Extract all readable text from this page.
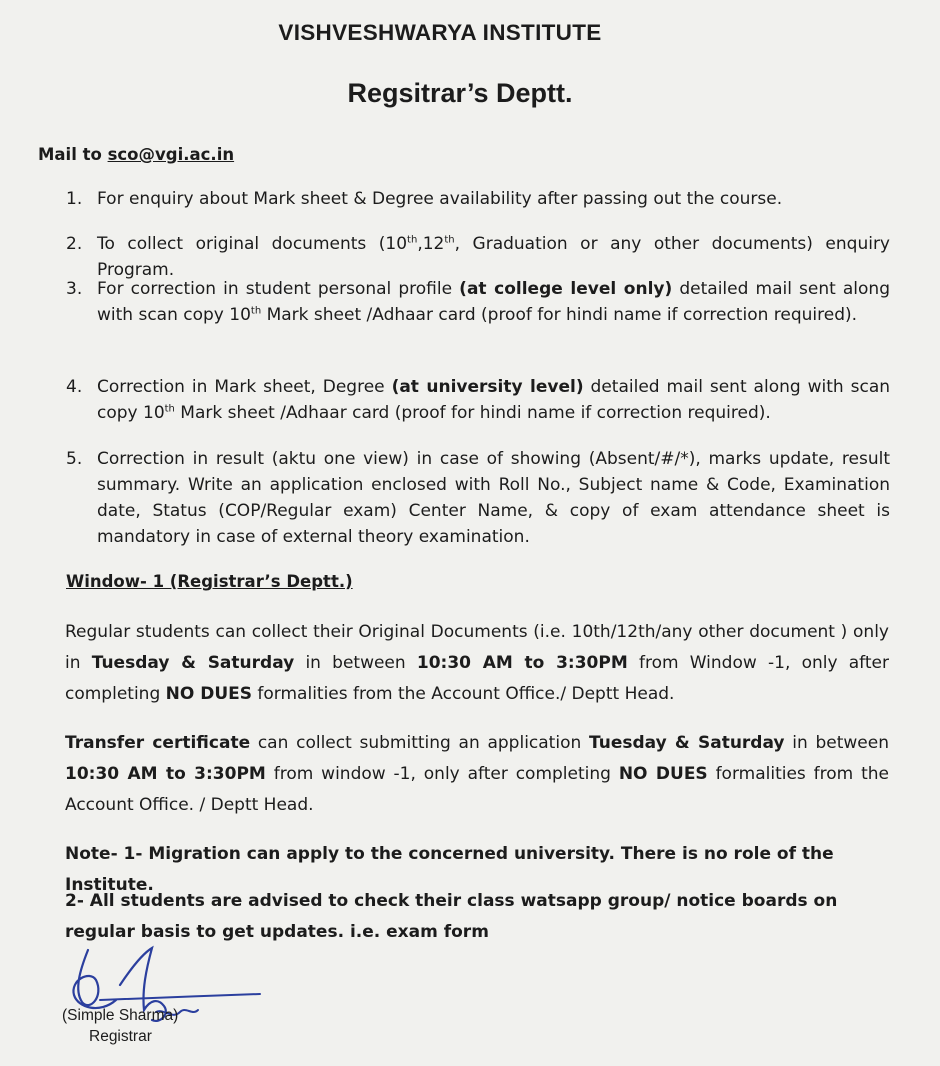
VISHVESHWARYA INSTITUTE
Regsitrar’s Deptt.
Mail to sco@vgi.ac.in
1. For enquiry about Mark sheet & Degree availability after passing out the course.
2. To collect original documents (10th,12th, Graduation or any other documents) enquiry Program.
3. For correction in student personal profile (at college level only) detailed mail sent along with scan copy 10th Mark sheet /Adhaar card (proof for hindi name if correction required).
4. Correction in Mark sheet, Degree (at university level) detailed mail sent along with scan copy 10th Mark sheet /Adhaar card (proof for hindi name if correction required).
5. Correction in result (aktu one view) in case of showing (Absent/#/*), marks update, result summary. Write an application enclosed with Roll No., Subject name & Code, Examination date, Status (COP/Regular exam) Center Name, & copy of exam attendance sheet is mandatory in case of external theory examination.
Window- 1 (Registrar’s Deptt.)
Regular students can collect their Original Documents (i.e. 10th/12th/any other document ) only in Tuesday & Saturday in between 10:30 AM to 3:30PM from Window -1, only after completing NO DUES formalities from the Account Office./ Deptt Head.
Transfer certificate can collect submitting an application Tuesday & Saturday in between 10:30 AM to 3:30PM from window -1, only after completing NO DUES formalities from the Account Office. / Deptt Head.
Note- 1- Migration can apply to the concerned university. There is no role of the Institute.
2- All students are advised to check their class watsapp group/ notice boards on regular basis to get updates. i.e. exam form
(Simple Sharma)
Registrar
